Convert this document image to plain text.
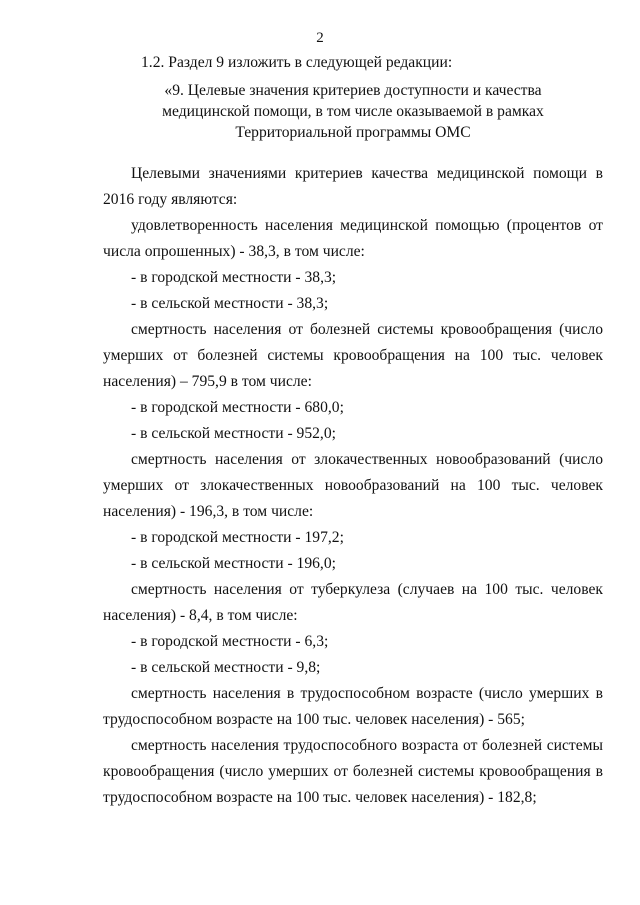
2

1.2. Раздел 9 изложить в следующей редакции:

«9. Целевые значения критериев доступности и качества
медицинской помощи, в том числе оказываемой в рамках
Территориальной программы ОМС

Целевыми значениями критериев качества медицинской помощи в 2016 году являются:

удовлетворенность населения медицинской помощью (процентов от числа опрошенных) - 38,3, в том числе:

- в городской местности - 38,3;

- в сельской местности - 38,3;

смертность населения от болезней системы кровообращения (число умерших от болезней системы кровообращения на 100 тыс. человек населения) – 795,9 в том числе:

- в городской местности - 680,0;

- в сельской местности - 952,0;

смертность населения от злокачественных новообразований (число умерших от злокачественных новообразований на 100 тыс. человек населения) - 196,3, в том числе:

- в городской местности - 197,2;

- в сельской местности - 196,0;

смертность населения от туберкулеза (случаев на 100 тыс. человек населения) - 8,4, в том числе:

- в городской местности - 6,3;

- в сельской местности - 9,8;

смертность населения в трудоспособном возрасте (число умерших в трудоспособном возрасте на 100 тыс. человек населения) - 565;

смертность населения трудоспособного возраста от болезней системы кровообращения (число умерших от болезней системы кровообращения в трудоспособном возрасте на 100 тыс. человек населения) - 182,8;
